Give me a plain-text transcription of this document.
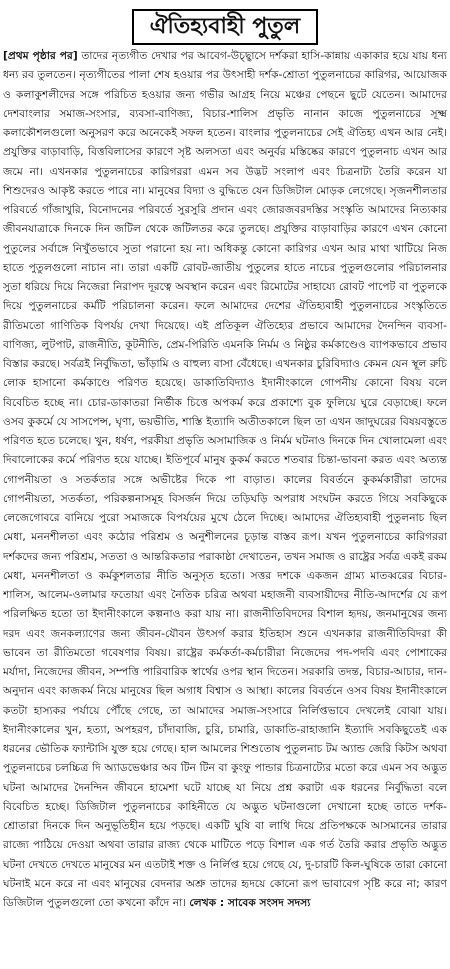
ঐতিহ্যবাহী পুতুল

[প্রথম পৃষ্ঠার পর] তাদের নৃত্যগীত দেখার পর আবেগ-উচ্ছ্বাসে দর্শকরা হাসি-কান্নায় একাকার হয়ে যায় ধন্য ধন্য রব তুলতেন। নৃত্যগীতের পালা শেষ হওয়ার পর উৎসাহী দর্শক-শ্রোতা পুতুলনাচের কারিগর, আয়োজক ও কলাকুশলীদের সঙ্গে পরিচিত হওয়ার জন্য গভীর আগ্রহ নিয়ে মঞ্চের পেছনে ছুটে যেতেন। আমাদের দেশবাংলার সমাজ-সংসার, ব্যবসা-বাণিজ্য, বিচার-শালিস প্রভৃতি নানান কাজে পুতুলনাচের সূক্ষ্ম কলাকৌশলগুলো অনুসরণ করে অনেকেই সফল হতেন। বাংলার পুতুলনাচের সেই ঐতিহ্য এখন আর নেই। প্রযুক্তির বাড়াবাড়ি, বিত্তবিলাসের কারণে সৃষ্ট অলসতা এবং অনুর্বর মস্তিষ্কের কারণে পুতুলনাচ এখন আর জমে না। এখনকার পুতুলনাচের কারিগররা এমন সব উদ্ভট সংলাপ এবং চিত্রনাট্য তৈরি করেন যা শিশুদেরও আকৃষ্ট করতে পারে না। মানুষের বিদ্যা ও বুদ্ধিতে যেন ডিজিটাল মোড়ক লেগেছে। সৃজনশীলতার পরিবর্তে গাঁজাখুরি, বিনোদনের পরিবর্তে সুরসুরি প্রদান এবং জোরজবরদস্তির সংস্কৃতি আমাদের নিত্যকার জীবনযাত্রাকে দিনকে দিন জটিল থেকে জটিলতর করে তুলছে। প্রযুক্তির বাড়াবাড়ির কারণে এখন কোনো পুতুলের সর্বাঙ্গে নিখুঁতভাবে সুতা পরানো হয় না। অধিকন্তু কোনো কারিগর এখন আর মাথা খাটিয়ে নিজ হাতে পুতুলগুলো নাচান না। তারা একটি রোবট-জাতীয় পুতুলের হাতে নাচের পুতুলগুলোর পরিচালনার সুতা ধরিয়ে দিয়ে নিজেরা নিরাপদ দূরত্বে অবস্থান করেন এবং রিমোটের সাহায্যে রোবট পাপেট বা পুতুলকে দিয়ে পুতুলনাচের কর্মটি পরিচালনা করেন। ফলে আমাদের দেশের ঐতিহ্যবাহী পুতুলনাচের সংস্কৃতিতে রীতিমতো গাণিতিক বিপর্যয় দেখা দিয়েছে। এই প্রতিকূল ঐতিহ্যের প্রভাবে আমাদের দৈনন্দিন ব্যবসা-বাণিজ্য, লুটপাট, রাজনীতি, কূটনীতি, প্রেম-পিরিতি এমনকি নির্মম ও নিষ্ঠুর কর্মকাণ্ডেও ব্যাপকভাবে প্রভাব বিস্তার করছে। সর্বত্রই নির্বুদ্ধিতা, ভাঁড়ামি ও বাহুল্য বাসা বেঁধেছে। এখনকার চুরিবিদ্যাও কেমন যেন স্থূল রুচি লোক হাসানো কর্মকাণ্ডে পরিণত হয়েছে। ডাকাতিবিদ্যাও ইদানীংকালে গোপনীয় কোনো বিষয় বলে বিবেচিত হচ্ছে না। চোর-ডাকাতরা নির্ভীক চিত্তে অপকর্ম করে প্রকাশ্যে বুক ফুলিয়ে ঘুরে বেড়াচ্ছে। ফলে ওসব কুকর্মে যে সাসপেন্স, ঘৃণা, ভয়ভীতি, শাস্তি ইত্যাদি অতীতকালে ছিল তা এখন জাদুঘরের বিষয়বস্তুতে পরিণত হতে চলেছে। খুন, ধর্ষণ, পরকীয়া প্রভৃতি অসামাজিক ও নির্মম ঘটনাও দিনকে দিন খোলামেলা এবং দিবালোকের কর্মে পরিণত হয়ে যাচ্ছে। ইতিপূর্বে মানুষ কুকর্ম করতে শতবার চিন্তা-ভাবনা করত এবং অত্যন্ত গোপনীয়তা ও সতর্কতার সঙ্গে অভীষ্টের দিকে পা বাড়াত। কালের বিবর্তনে কুকর্মকারীরা তাদের গোপনীয়তা, সতর্কতা, পরিকল্পনাসমূহ বিসর্জন দিয়ে তড়িঘড়ি অপরাধ সংঘটন করতে গিয়ে সবকিছুকে লেজেগোবরে বানিয়ে পুরো সমাজকে বিপর্যয়ের মুখে ঠেলে দিচ্ছে। আমাদের ঐতিহ্যবাহী পুতুলনাচ ছিল মেধা, মননশীলতা এবং কঠোর পরিশ্রম ও অনুশীলনের চূড়ান্ত বাস্তব রূপ। যখন পুতুলনাচের কারিগররা দর্শকদের জন্য পরিশ্রম, সততা ও আন্তরিকতার পরাকাষ্ঠা দেখাতেন, তখন সমাজ ও রাষ্ট্রের সর্বত্র একই রকম মেধা, মননশীলতা ও কর্মকুশলতার নীতি অনুসৃত হতো। সত্তর দশকে একজন গ্রাম্য মাতব্বরের বিচার-শালিস, আলেম-ওলামার ফতোয়া এবং নৈতিক চরিত্র অথবা মহাজনী ব্যবসায়ীদের নীতি-আদর্শের যে রূপ পরিলক্ষিত হতো তা ইদানীংকালে কল্পনাও করা যায় না। রাজনীতিবিদদের বিশাল হৃদয়, জনমানুষের জন্য দরদ এবং জনকল্যাণের জন্য জীবন-যৌবন উৎসর্গ করার ইতিহাস শুনে এখনকার রাজনীতিবিদরা কী ভাবেন তা রীতিমতো গবেষণার বিষয়। রাষ্ট্রের কর্মকর্তা-কর্মচারীরা নিজেদের পদ-পদবি এবং পোশাকের মর্যাদা, নিজেদের জীবন, সম্পত্তি পারিবারিক স্বার্থের ওপর স্থান দিতেন। সরকারি তদন্ত, বিচার-আচার, দান-অনুদান এবং কাজকর্ম নিয়ে মানুষের ছিল অগাধ বিশ্বাস ও আস্থা। কালের বিবর্তনে ওসব বিষয় ইদানীংকালে কতটা হাস্যকর পর্যায়ে পৌঁছে গেছে, তা আমাদের সমাজ-সংসারে নির্লিপ্তভাবে দেখলেই বোঝা যায়। ইদানীংকালের খুন, হত্যা, অপহরণ, চাঁদাবাজি, চুরি, চামারি, ডাকাতি-রাহাজানি ইত্যাদি সবকিছুতেই এক ধরনের ভৌতিক ফ্যান্টাসি যুক্ত হয়ে গেছে। হাল আমলের শিশুতোষ পুতুলনাচ টম অ্যান্ড জেরি কিটস অথবা পুতুলনাচের চলচ্চিত্র দি অ্যাডভেঞ্চার অব টিন টিন বা কুংফু পান্ডার চিত্রনাট্যের মতো করে এমন সব অদ্ভুত ঘটনা আমাদের দৈনন্দিন জীবনে হামেশা ঘটে যাচ্ছে যা নিয়ে প্রশ্ন করাটা এক ধরনের নির্বুদ্ধিতা বলে বিবেচিত হচ্ছে। ডিজিটাল পুতুলনাচের কাহিনীতে যে অদ্ভুত ঘটনাগুলো দেখানো হচ্ছে তাতে দর্শক-শ্রোতারা দিনকে দিন অনুভূতিহীন হয়ে পড়ছে। একটি ঘুষি বা লাথি দিয়ে প্রতিপক্ষকে আসমানের তারার রাজ্যে পাঠিয়ে দেওয়া অথবা তারার রাজ্য থেকে মাটিতে পড়ে বিশাল এক গর্ত তৈরি করার প্রভৃতি অদ্ভুত ঘটনা দেখতে দেখতে মানুষের মন এতটাই শক্ত ও নির্লিপ্ত হয়ে গেছে যে, দু-চারটি কিল-ঘুষিকে তারা কোনো ঘটনাই মনে করে না এবং মানুষের বেদনার অশ্রু তাদের হৃদয়ে কোনো রূপ ভাবাবেগ সৃষ্টি করে না; কারণ ডিজিটাল পুতুলগুলো তো কখনো কাঁদে না। লেখক : সাবেক সংসদ সদস্য
